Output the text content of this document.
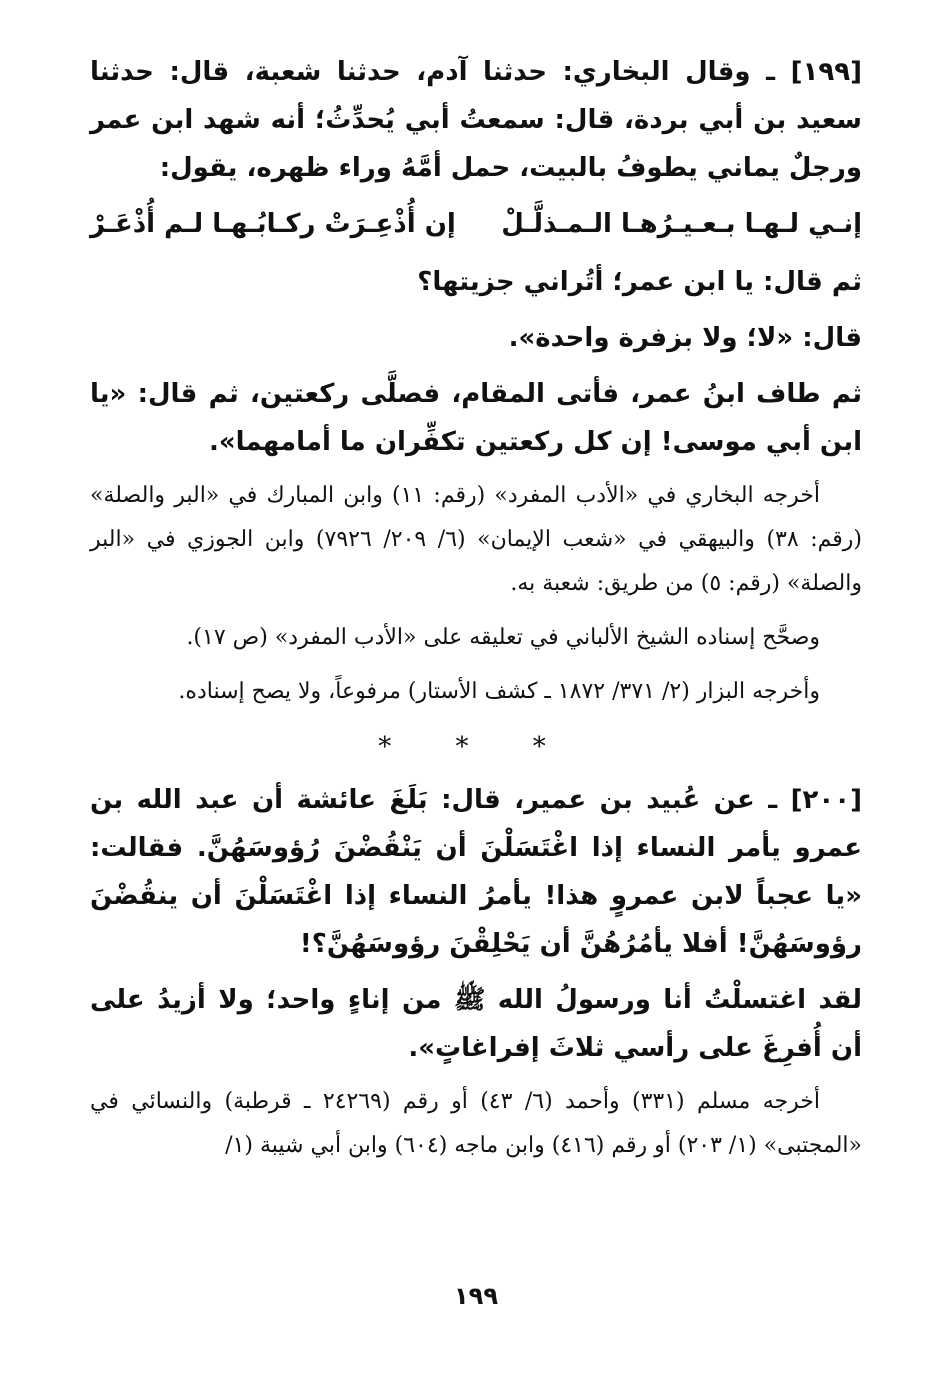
[١٩٩] ـ وقال البخاري: حدثنا آدم، حدثنا شعبة، قال: حدثنا سعيد بن أبي بردة، قال: سمعتُ أبي يُحدِّثُ؛ أنه شهد ابن عمر ورجلٌ يماني يطوفُ بالبيت، حمل أمَّهُ وراء ظهره، يقول:

إنـي لـهـا بـعـيـرُهـا الـمـذلَّـلْ
إن أُذْعِـرَتْ ركـابُـهـا لـم أُذْعَـرْ

ثم قال: يا ابن عمر؛ أتُراني جزيتها؟

قال: «لا؛ ولا بزفرة واحدة».

ثم طاف ابنُ عمر، فأتى المقام، فصلَّى ركعتين، ثم قال: «يا ابن أبي موسى! إن كل ركعتين تكفِّران ما أمامهما».

أخرجه البخاري في «الأدب المفرد» (رقم: ١١) وابن المبارك في «البر والصلة» (رقم: ٣٨) والبيهقي في «شعب الإيمان» (٦/ ٢٠٩/ ٧٩٢٦) وابن الجوزي في «البر والصلة» (رقم: ٥) من طريق: شعبة به.

وصحَّح إسناده الشيخ الألباني في تعليقه على «الأدب المفرد» (ص ١٧).

وأخرجه البزار (٢/ ٣٧١/ ١٨٧٢ ـ كشف الأستار) مرفوعاً، ولا يصح إسناده.

* * *

[٢٠٠] ـ عن عُبيد بن عمير، قال: بَلَغَ عائشة أن عبد الله بن عمرو يأمر النساء إذا اغْتَسَلْنَ أن يَنْقُضْنَ رُؤوسَهُنَّ. فقالت: «يا عجباً لابن عمروٍ هذا! يأمرُ النساء إذا اغْتَسَلْنَ أن ينقُضْنَ رؤوسَهُنَّ! أفلا يأمُرُهُنَّ أن يَحْلِقْنَ رؤوسَهُنَّ؟!

لقد اغتسلْتُ أنا ورسولُ الله ﷺ من إناءٍ واحد؛ ولا أزيدُ على أن أُفرِغَ على رأسي ثلاثَ إفراغاتٍ».

أخرجه مسلم (٣٣١) وأحمد (٦/ ٤٣) أو رقم (٢٤٢٦٩ ـ قرطبة) والنسائي في «المجتبى» (١/ ٢٠٣) أو رقم (٤١٦) وابن ماجه (٦٠٤) وابن أبي شيبة (١/

١٩٩
